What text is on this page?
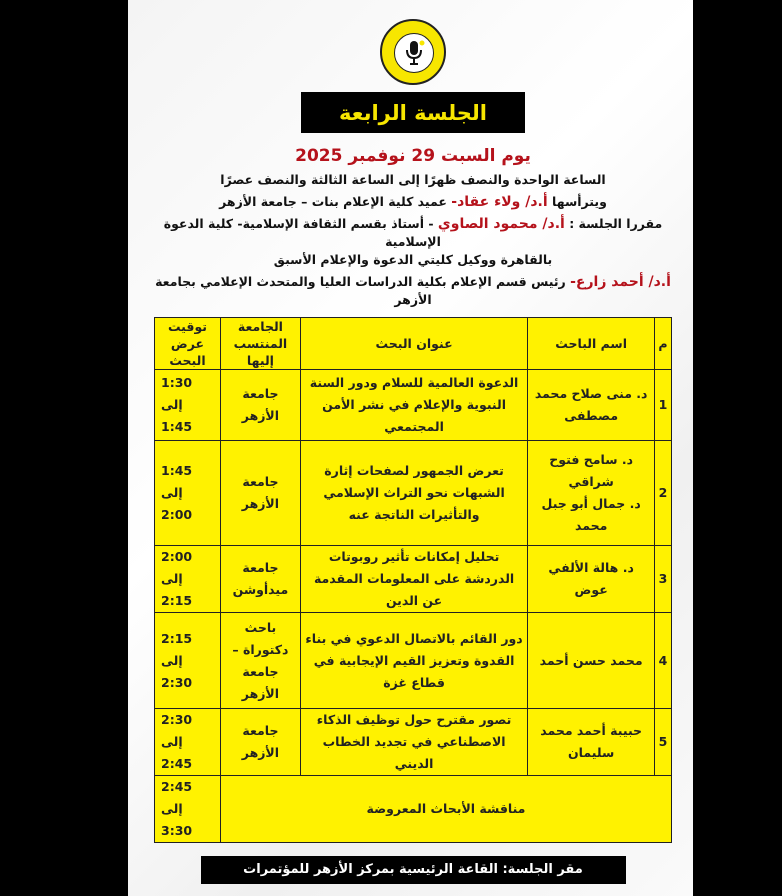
الجلسة الرابعة
يوم السبت 29 نوفمبر 2025
الساعة الواحدة والنصف ظهرًا إلى الساعة الثالثة والنصف عصرًا
ويترأسها أ.د/ ولاء عقاد- عميد كلية الإعلام بنات – جامعة الأزهر
مقررا الجلسة : أ.د/ محمود الصاوي - أستاذ بقسم الثقافة الإسلامية- كلية الدعوة الإسلامية
بالقاهرة ووكيل كليتي الدعوة والإعلام الأسبق
أ.د/ أحمد زارع- رئيس قسم الإعلام بكلية الدراسات العليا والمتحدث الإعلامي بجامعة الأزهر
م	اسم الباحث	عنوان البحث	الجامعة المنتسب إليها	توقيت عرض البحث
1	د. منى صلاح محمد مصطفى	الدعوة العالمية للسلام ودور السنة النبوية والإعلام في نشر الأمن المجتمعي	جامعة الأزهر	1:30 إلى
1:45
2	د. سامح فتوح شراقي
د. جمال أبو جبل محمد	تعرض الجمهور لصفحات إثارة الشبهات نحو التراث الإسلامي والتأثيرات الناتجة عنه	جامعة الأزهر	1:45 إلى
2:00
3	د. هالة الألفي عوض	تحليل إمكانات تأثير روبوتات الدردشة على المعلومات المقدمة عن الدين	جامعة ميدأوشن	2:00 إلى
2:15
4	محمد حسن أحمد	دور القائم بالاتصال الدعوي في بناء القدوة وتعزيز القيم الإيجابية في قطاع غزة	باحث دكتوراة – جامعة الأزهر	2:15 إلى
2:30
5	حبيبة أحمد محمد سليمان	تصور مقترح حول توظيف الذكاء الاصطناعي في تجديد الخطاب الديني	جامعة الأزهر	2:30 إلى
2:45
مناقشة الأبحاث المعروضة				2:45 إلى
3:30
مقر الجلسة: القاعة الرئيسية بمركز الأزهر للمؤتمرات
